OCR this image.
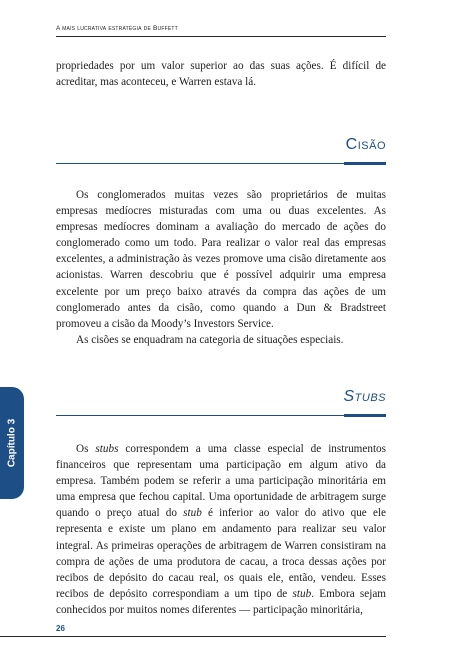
A mais lucrativa estratégia de Buffett

propriedades por um valor superior ao das suas ações. É difícil de acreditar, mas aconteceu, e Warren estava lá.

Cisão

Os conglomerados muitas vezes são proprietários de muitas empresas medíocres misturadas com uma ou duas excelentes. As empresas medíocres dominam a avaliação do mercado de ações do conglomerado como um todo. Para realizar o valor real das empresas excelentes, a administração às vezes promove uma cisão diretamente aos acionistas. Warren descobriu que é possível adquirir uma empresa excelente por um preço baixo através da compra das ações de um conglomerado antes da cisão, como quando a Dun & Bradstreet promoveu a cisão da Moody’s Investors Service.

As cisões se enquadram na categoria de situações especiais.

Stubs

Os stubs correspondem a uma classe especial de instrumentos financeiros que representam uma participação em algum ativo da empresa. Também podem se referir a uma participação minoritária em uma empresa que fechou capital. Uma oportunidade de arbitragem surge quando o preço atual do stub é inferior ao valor do ativo que ele representa e existe um plano em andamento para realizar seu valor integral. As primeiras operações de arbitragem de Warren consistiram na compra de ações de uma produtora de cacau, a troca dessas ações por recibos de depósito do cacau real, os quais ele, então, vendeu. Esses recibos de depósito correspondiam a um tipo de stub. Embora sejam conhecidos por muitos nomes diferentes — participação minoritária,

Capítulo 3
26
